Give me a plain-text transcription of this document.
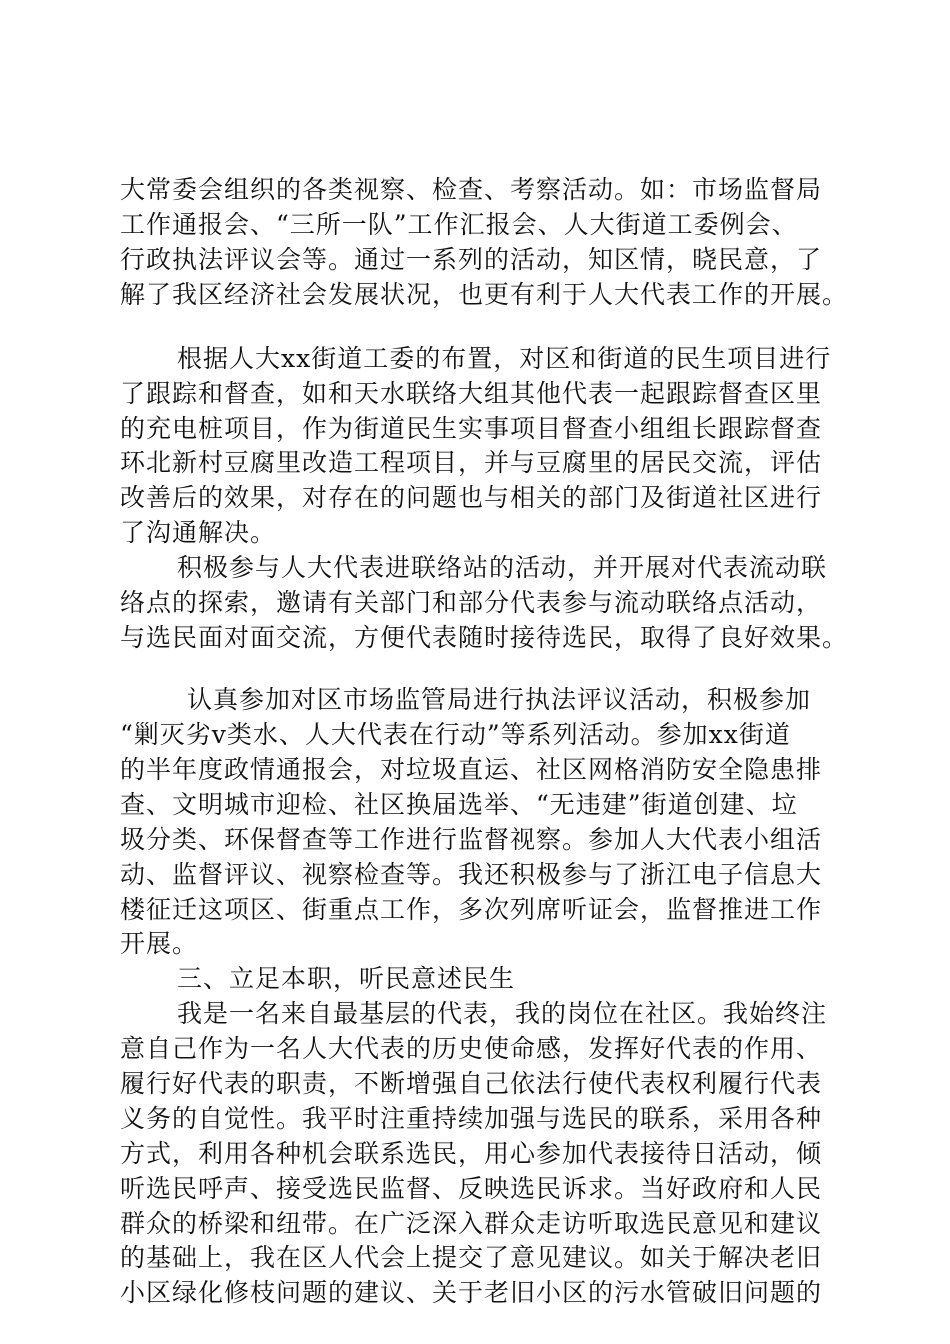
大常委会组织的各类视察、检查、考察活动。如：市场监督局
工作通报会、“三所一队”工作汇报会、人大街道工委例会、
行政执法评议会等。通过一系列的活动，知区情，晓民意，了
解了我区经济社会发展状况，也更有利于人大代表工作的开展。
根据人大xx街道工委的布置，对区和街道的民生项目进行
了跟踪和督查，如和天水联络大组其他代表一起跟踪督查区里
的充电桩项目，作为街道民生实事项目督查小组组长跟踪督查
环北新村豆腐里改造工程项目，并与豆腐里的居民交流，评估
改善后的效果，对存在的问题也与相关的部门及街道社区进行
了沟通解决。
积极参与人大代表进联络站的活动，并开展对代表流动联
络点的探索，邀请有关部门和部分代表参与流动联络点活动，
与选民面对面交流，方便代表随时接待选民，取得了良好效果。
认真参加对区市场监管局进行执法评议活动，积极参加
“剿灭劣v类水、人大代表在行动”等系列活动。参加xx街道
的半年度政情通报会，对垃圾直运、社区网格消防安全隐患排
查、文明城市迎检、社区换届选举、“无违建”街道创建、垃
圾分类、环保督查等工作进行监督视察。参加人大代表小组活
动、监督评议、视察检查等。我还积极参与了浙江电子信息大
楼征迁这项区、街重点工作，多次列席听证会，监督推进工作
开展。
三、立足本职，听民意述民生
我是一名来自最基层的代表，我的岗位在社区。我始终注
意自己作为一名人大代表的历史使命感，发挥好代表的作用、
履行好代表的职责，不断增强自己依法行使代表权利履行代表
义务的自觉性。我平时注重持续加强与选民的联系，采用各种
方式，利用各种机会联系选民，用心参加代表接待日活动，倾
听选民呼声、接受选民监督、反映选民诉求。当好政府和人民
群众的桥梁和纽带。在广泛深入群众走访听取选民意见和建议
的基础上，我在区人代会上提交了意见建议。如关于解决老旧
小区绿化修枝问题的建议、关于老旧小区的污水管破旧问题的
